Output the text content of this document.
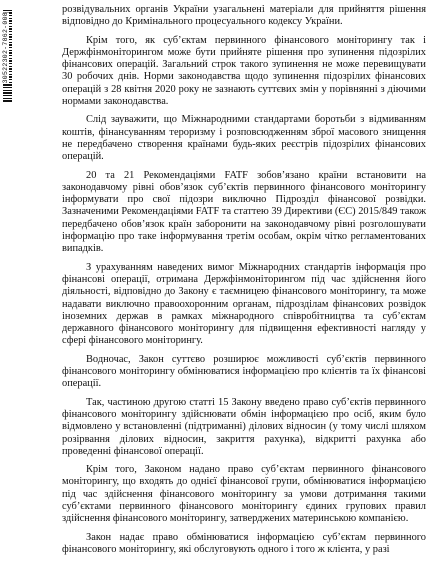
30522302-7862-008

розвідувальних органів України узагальнені матеріали для прийняття рішення відповідно до Кримінального процесуального кодексу України.

Крім того, як суб’єктам первинного фінансового моніторингу так і Держфінмоніторингом може бути прийняте рішення про зупинення підозрілих фінансових операцій. Загальний строк такого зупинення не може перевищувати 30 робочих днів. Норми законодавства щодо зупинення підозрілих фінансових операцій з 28 квітня 2020 року не зазнають суттєвих змін у порівнянні з діючими нормами законодавства.

Слід зауважити, що Міжнародними стандартами боротьби з відмиванням коштів, фінансуванням тероризму і розповсюдженням зброї масового знищення не передбачено створення країнами будь-яких реєстрів підозрілих фінансових операцій.

20 та 21 Рекомендаціями FATF зобов’язано країни встановити на законодавчому рівні обов’язок суб’єктів первинного фінансового моніторингу інформувати про свої підозри виключно Підрозділ фінансової розвідки. Зазначеними Рекомендаціями FATF та статтею 39 Директиви (ЄС) 2015/849 також передбачено обов’язок країн заборонити на законодавчому рівні розголошувати інформацію про таке інформування третім особам, окрім чітко регламентованих випадків.

З урахуванням наведених вимог Міжнародних стандартів інформація про фінансові операції, отримана Держфінмоніторингом під час здійснення його діяльності, відповідно до Закону є таємницею фінансового моніторингу, та може надавати виключно правоохоронним органам, підрозділам фінансових розвідок іноземних держав в рамках міжнародного співробітництва та суб’єктам державного фінансового моніторингу для підвищення ефективності нагляду у сфері фінансового моніторингу.

Водночас, Закон суттєво розширює можливості суб’єктів первинного фінансового моніторингу обмінюватися інформацією про клієнтів та їх фінансові операції.

Так, частиною другою статті 15 Закону введено право суб’єктів первинного фінансового моніторингу здійснювати обмін інформацією про осіб, яким було відмовлено у встановленні (підтриманні) ділових відносин (у тому числі шляхом розірвання ділових відносин, закриття рахунка), відкритті рахунка або проведенні фінансової операції.

Крім того, Законом надано право суб’єктам первинного фінансового моніторингу, що входять до однієї фінансової групи, обмінюватися інформацією під час здійснення фінансового моніторингу за умови дотримання такими суб’єктами первинного фінансового моніторингу єдиних групових правил здійснення фінансового моніторингу, затверджених материнською компанією.

Закон надає право обмінюватися інформацією суб’єктам первинного фінансового моніторингу, які обслуговують одного і того ж клієнта, у разі
